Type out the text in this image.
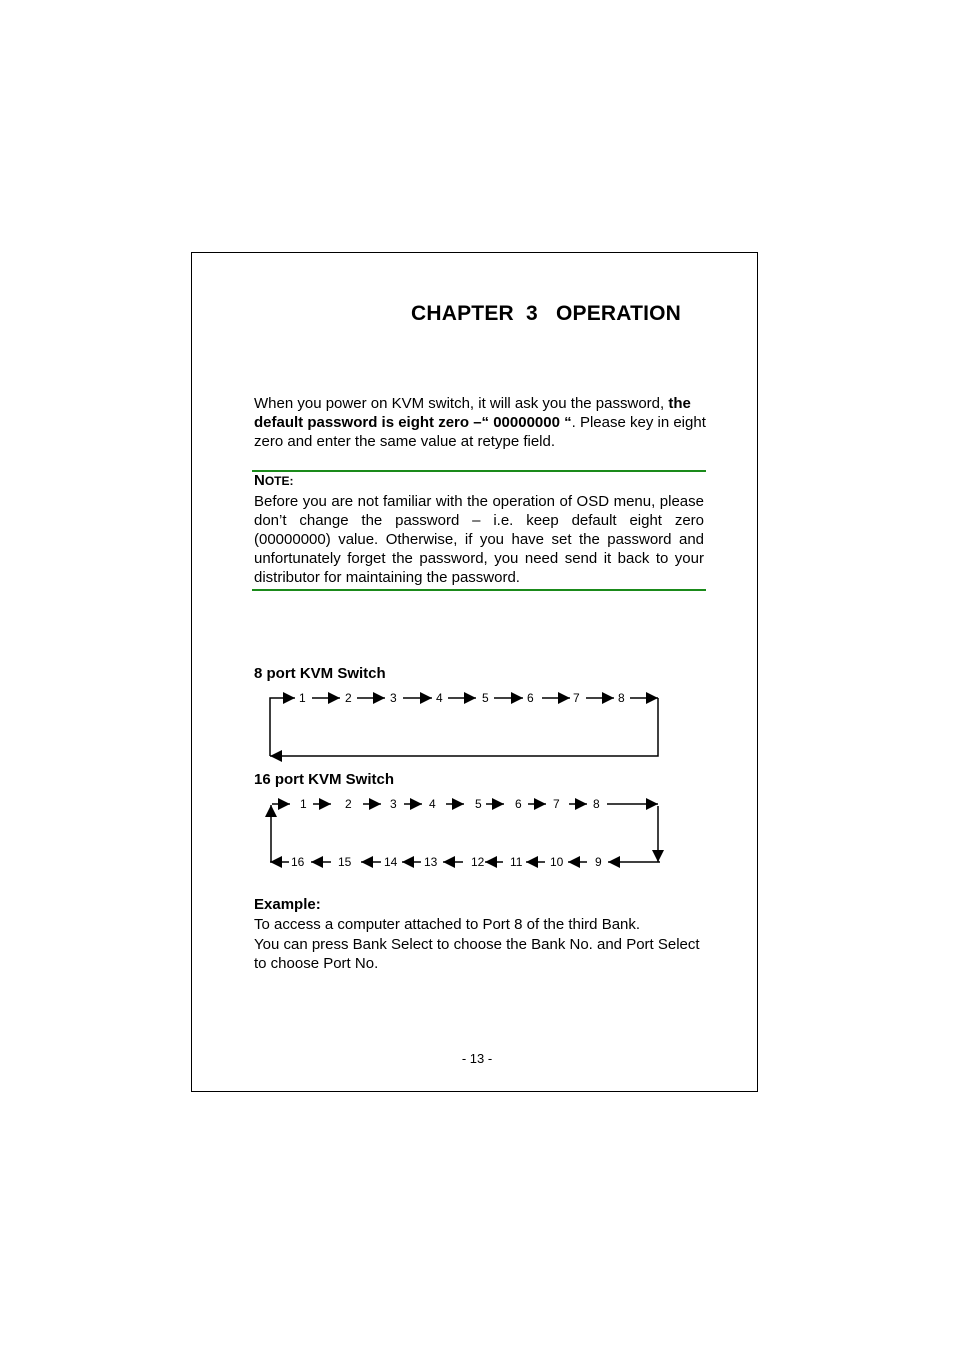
CHAPTER  3   OPERATION
When you power on KVM switch, it will ask you the password, the default password is eight zero –“ 00000000 “. Please key in eight zero and enter the same value at retype field.
NOTE:
Before you are not familiar with the operation of OSD menu, please don’t change the password – i.e. keep default eight zero (00000000) value. Otherwise, if you have set the password and unfortunately forget the password, you need send it back to your distributor for maintaining the password.
8 port KVM Switch
16 port KVM Switch
1	2	3	4	5	6	7	8
1	2	3	4	5	6	7	8
16	15	14 13	12 11 10	9
Example:
To access a computer attached to Port 8 of the third Bank.
You can press Bank Select to choose the Bank No. and Port Select to choose Port No.
- 13 -
